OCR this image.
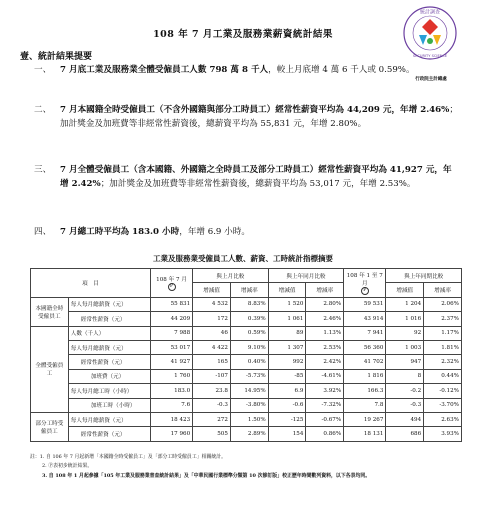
108 年 7 月工業及服務業薪資統計結果
統計調查
SECURITY SCIENCE
行政院主計總處
壹、統計結果提要
一、 7 月底工業及服務業全體受僱員工人數 798 萬 8 千人，較上月底增 4 萬 6 千人或 0.59%。
二、 7 月本國籍全時受僱員工（不含外國籍與部分工時員工）經常性薪資平均為 44,209 元，年增 2.46%；加計獎金及加班費等非經常性薪資後，總薪資平均為 55,831 元，年增 2.80%。
三、 7 月全體受僱員工（含本國籍、外國籍之全時員工及部分工時員工）經常性薪資平均為 41,927 元，年增 2.42%；加計獎金及加班費等非經常性薪資後，總薪資平均為 53,017 元，年增 2.53%。
四、 7 月總工時平均為 183.0 小時，年增 6.9 小時。
工業及服務業受僱員工人數、薪資、工時統計指標摘要
項　目		108 年 7 月
P	與上月比較		與上年同月比較		108 年 1 至 7 月
P	與上年同期比較	
			增減值	增減率	增減值	增減率		增減值	增減率
本國籍全時受僱員工	每人每月總薪資（元）	55 831	4 532	8.83%	1 520	2.80%	59 531	1 204	2.06%
	經常性薪資（元）	44 209	172	0.39%	1 061	2.46%	43 914	1 016	2.37%
全體受僱員工	人數（千人）	7 988	46	0.59%	89	1.13%	7 941	92	1.17%
	每人每月總薪資（元）	53 017	4 422	9.10%	1 307	2.53%	56 360	1 003	1.81%
	經常性薪資（元）	41 927	165	0.40%	992	2.42%	41 702	947	2.32%
	加班費（元）	1 760	-107	-5.73%	-85	-4.61%	1 816	8	0.44%
	每人每月總工時（小時）	183.0	23.8	14.95%	6.9	3.92%	166.3	-0.2	-0.12%
	加班工時（小時）	7.6	-0.3	-3.80%	-0.6	-7.32%	7.8	-0.3	-3.70%
部分工時受僱員工	每人每月總薪資（元）	18 423	272	1.50%	-125	-0.67%	19 267	494	2.63%
	經常性薪資（元）	17 960	505	2.89%	154	0.86%	18 131	686	3.93%
註：1. 自 106 年 7 月起新增「本國籍全時受僱員工」及「部分工時受僱員工」相關統計。
2. Ⓟ表初步統計結果。
3. 自 108 年 1 月起參據「105 年工業及服務業普查統計結果」及「中華民國行業標準分類第 10 次修訂版」校正歷年時間數列資料，以下各表均同。
